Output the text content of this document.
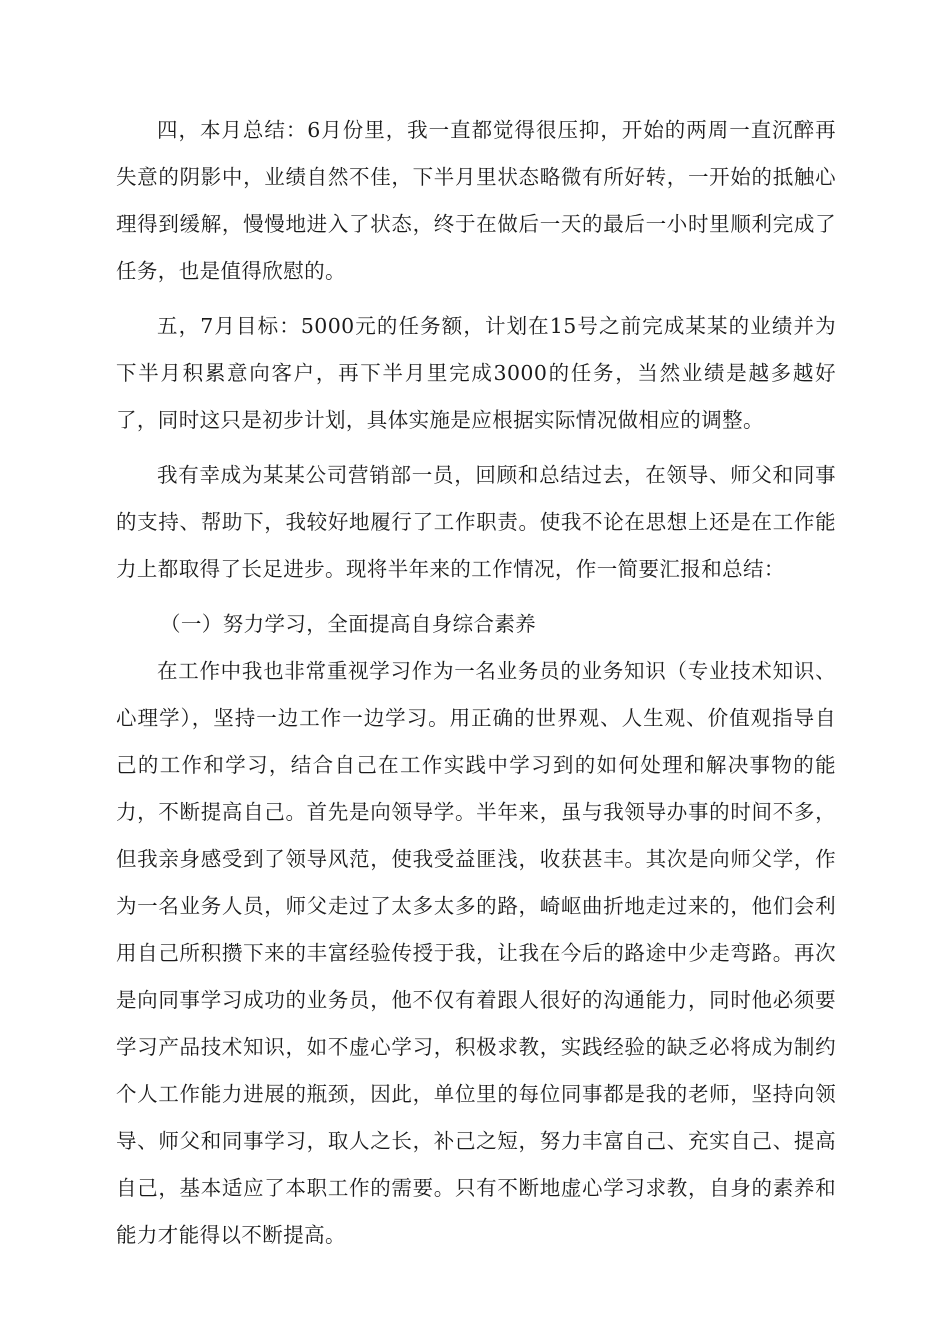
四，本月总结：6月份里，我一直都觉得很压抑，开始的两周一直沉醉再失意的阴影中，业绩自然不佳，下半月里状态略微有所好转，一开始的抵触心理得到缓解，慢慢地进入了状态，终于在做后一天的最后一小时里顺利完成了任务，也是值得欣慰的。

五，7月目标：5000元的任务额，计划在15号之前完成某某的业绩并为下半月积累意向客户，再下半月里完成3000的任务，当然业绩是越多越好了，同时这只是初步计划，具体实施是应根据实际情况做相应的调整。

我有幸成为某某公司营销部一员，回顾和总结过去，在领导、师父和同事的支持、帮助下，我较好地履行了工作职责。使我不论在思想上还是在工作能力上都取得了长足进步。现将半年来的工作情况，作一简要汇报和总结：

（一）努力学习，全面提高自身综合素养

在工作中我也非常重视学习作为一名业务员的业务知识（专业技术知识、心理学），坚持一边工作一边学习。用正确的世界观、人生观、价值观指导自己的工作和学习，结合自己在工作实践中学习到的如何处理和解决事物的能力，不断提高自己。首先是向领导学。半年来，虽与我领导办事的时间不多，但我亲身感受到了领导风范，使我受益匪浅，收获甚丰。其次是向师父学，作为一名业务人员，师父走过了太多太多的路，崎岖曲折地走过来的，他们会利用自己所积攒下来的丰富经验传授于我，让我在今后的路途中少走弯路。再次是向同事学习成功的业务员，他不仅有着跟人很好的沟通能力，同时他必须要学习产品技术知识，如不虚心学习，积极求教，实践经验的缺乏必将成为制约个人工作能力进展的瓶颈，因此，单位里的每位同事都是我的老师，坚持向领导、师父和同事学习，取人之长，补己之短，努力丰富自己、充实自己、提高自己，基本适应了本职工作的需要。只有不断地虚心学习求教，自身的素养和能力才能得以不断提高。
